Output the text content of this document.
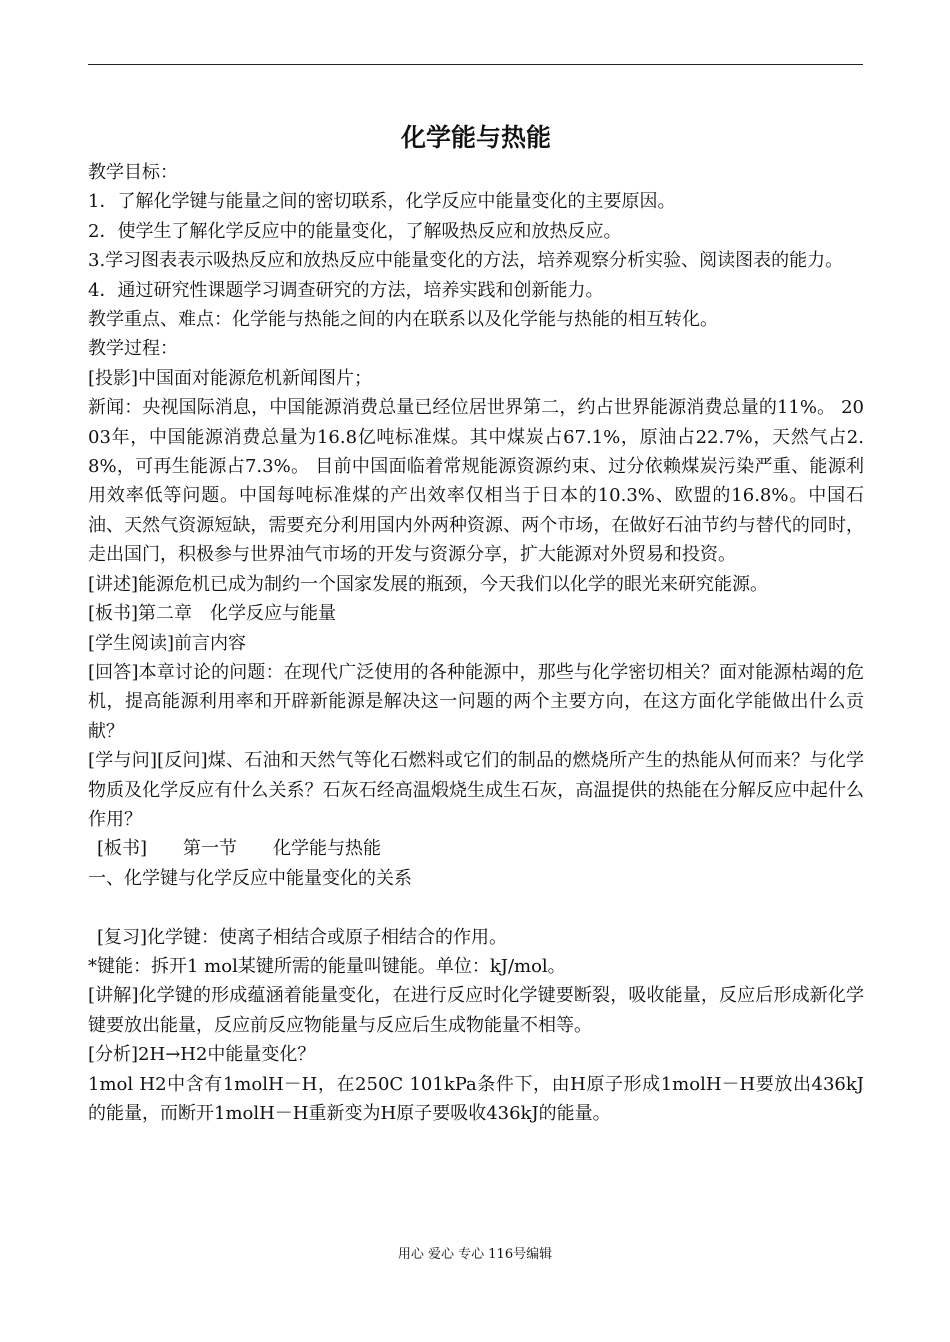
化学能与热能

教学目标：

1．了解化学键与能量之间的密切联系，化学反应中能量变化的主要原因。

2．使学生了解化学反应中的能量变化，了解吸热反应和放热反应。

3.学习图表表示吸热反应和放热反应中能量变化的方法，培养观察分析实验、阅读图表的能力。

4．通过研究性课题学习调查研究的方法，培养实践和创新能力。

教学重点、难点：化学能与热能之间的内在联系以及化学能与热能的相互转化。

教学过程：

[投影]中国面对能源危机新闻图片；

新闻：央视国际消息，中国能源消费总量已经位居世界第二，约占世界能源消费总量的11%。 2003年，中国能源消费总量为16.8亿吨标准煤。其中煤炭占67.1%，原油占22.7%，天然气占2.8%，可再生能源占7.3%。 目前中国面临着常规能源资源约束、过分依赖煤炭污染严重、能源利用效率低等问题。中国每吨标准煤的产出效率仅相当于日本的10.3%、欧盟的16.8%。中国石油、天然气资源短缺，需要充分利用国内外两种资源、两个市场，在做好石油节约与替代的同时，走出国门，积极参与世界油气市场的开发与资源分享，扩大能源对外贸易和投资。

[讲述]能源危机已成为制约一个国家发展的瓶颈，今天我们以化学的眼光来研究能源。

[板书]第二章　化学反应与能量

[学生阅读]前言内容

[回答]本章讨论的问题：在现代广泛使用的各种能源中，那些与化学密切相关？面对能源枯竭的危机，提高能源利用率和开辟新能源是解决这一问题的两个主要方向，在这方面化学能做出什么贡献？

[学与问][反问]煤、石油和天然气等化石燃料或它们的制品的燃烧所产生的热能从何而来？与化学物质及化学反应有什么关系？石灰石经高温煅烧生成生石灰，高温提供的热能在分解反应中起什么作用？

[板书]　　第一节　　化学能与热能

一、化学键与化学反应中能量变化的关系

[复习]化学键：使离子相结合或原子相结合的作用。

*键能：拆开1 mol某键所需的能量叫键能。单位：kJ/mol。

[讲解]化学键的形成蕴涵着能量变化，在进行反应时化学键要断裂，吸收能量，反应后形成新化学键要放出能量，反应前反应物能量与反应后生成物能量不相等。

[分析]2H→H2中能量变化？

1mol H2中含有1molH－H，在250C 101kPa条件下，由H原子形成1molH－H要放出436kJ的能量，而断开1molH－H重新变为H原子要吸收436kJ的能量。

用心 爱心 专心 116号编辑
